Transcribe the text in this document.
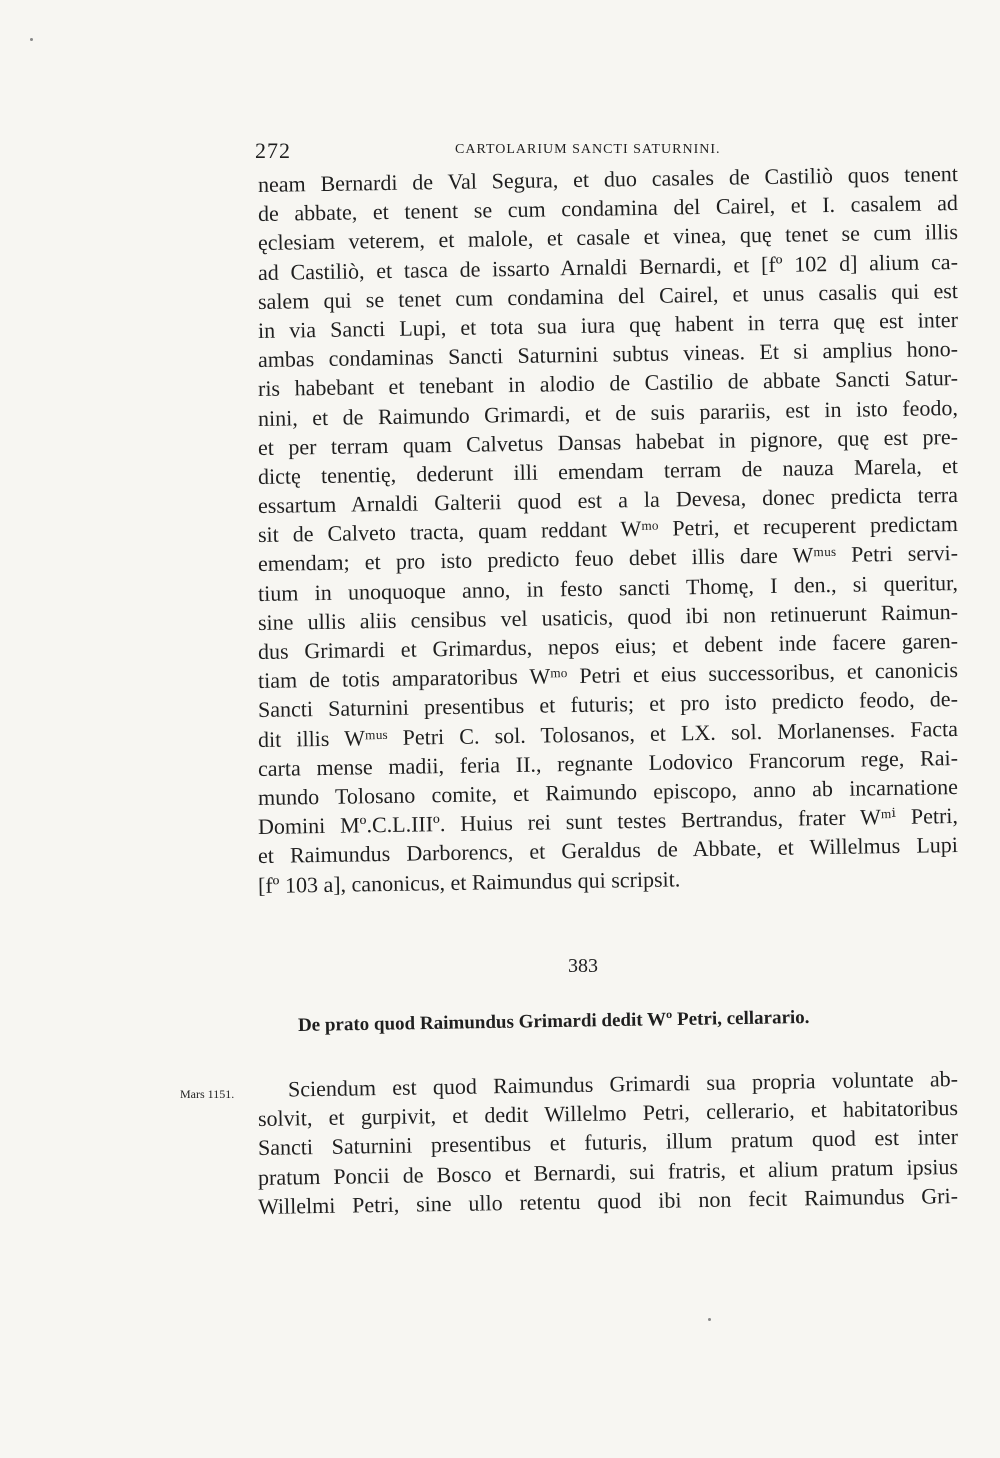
272	CARTOLARIUM SANCTI SATURNINI.
neam Bernardi de Val Segura, et duo casales de Castiliò quos tenent
de abbate, et tenent se cum condamina del Cairel, et I. casalem ad
ęclesiam veterem, et malole, et casale et vinea, quę tenet se cum illis
ad Castiliò, et tasca de issarto Arnaldi Bernardi, et [fº 102 d] alium ca-
salem qui se tenet cum condamina del Cairel, et unus casalis qui est
in via Sancti Lupi, et tota sua iura quę habent in terra quę est inter
ambas condaminas Sancti Saturnini subtus vineas. Et si amplius hono-
ris habebant et tenebant in alodio de Castilio de abbate Sancti Satur-
nini, et de Raimundo Grimardi, et de suis parariis, est in isto feodo,
et per terram quam Calvetus Dansas habebat in pignore, quę est pre-
dictę tenentię, dederunt illi emendam terram de nauza Marela, et
essartum Arnaldi Galterii quod est a la Devesa, donec predicta terra
sit de Calveto tracta, quam reddant Wᵐᵒ Petri, et recuperent predictam
emendam; et pro isto predicto feuo debet illis dare Wᵐᵘˢ Petri servi-
tium in unoquoque anno, in festo sancti Thomę, I den., si queritur,
sine ullis aliis censibus vel usaticis, quod ibi non retinuerunt Raimun-
dus Grimardi et Grimardus, nepos eius; et debent inde facere garen-
tiam de totis amparatoribus Wᵐᵒ Petri et eius successoribus, et canonicis
Sancti Saturnini presentibus et futuris; et pro isto predicto feodo, de-
dit illis Wᵐᵘˢ Petri C. sol. Tolosanos, et LX. sol. Morlanenses. Facta
carta mense madii, feria II., regnante Lodovico Francorum rege, Rai-
mundo Tolosano comite, et Raimundo episcopo, anno ab incarnatione
Domini Mº.C.L.IIIº. Huius rei sunt testes Bertrandus, frater Wᵐⁱ Petri,
et Raimundus Darborencs, et Geraldus de Abbate, et Willelmus Lupi
[fº 103 a], canonicus, et Raimundus qui scripsit.
383
De prato quod Raimundus Grimardi dedit Wº Petri, cellarario.
Mars 1151.	Sciendum est quod Raimundus Grimardi sua propria voluntate ab-
solvit, et gurpivit, et dedit Willelmo Petri, cellerario, et habitatoribus
Sancti Saturnini presentibus et futuris, illum pratum quod est inter
pratum Poncii de Bosco et Bernardi, sui fratris, et alium pratum ipsius
Willelmi Petri, sine ullo retentu quod ibi non fecit Raimundus Gri-
